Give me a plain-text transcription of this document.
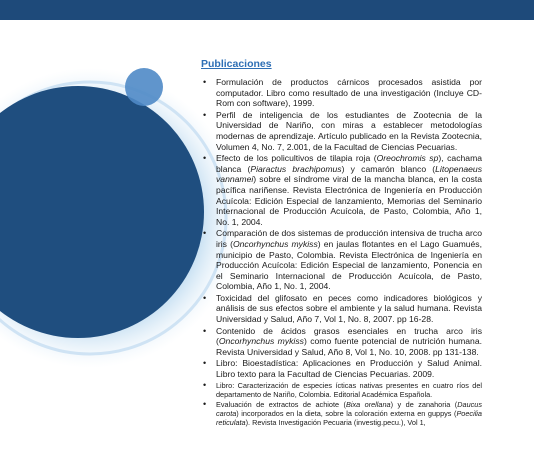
Publicaciones
• Formulación de productos cárnicos procesados asistida por computador. Libro como resultado de una investigación (Incluye CD-Rom con software), 1999.
• Perfil de inteligencia de los estudiantes de Zootecnia de la Universidad de Nariño, con miras a establecer metodologías modernas de aprendizaje. Artículo publicado en la Revista Zootecnia, Volumen 4, No. 7, 2.001, de la Facultad de Ciencias Pecuarias.
• Efecto de los policultivos de tilapia roja (Oreochromis sp), cachama blanca (Piaractus brachipomus) y camarón blanco (Litopenaeus vannamei) sobre el síndrome viral de la mancha blanca, en la costa pacífica nariñense. Revista Electrónica de Ingeniería en Producción Acuícola: Edición Especial de lanzamiento, Memorias del Seminario Internacional de Producción Acuícola, de Pasto, Colombia, Año 1, No. 1, 2004.
• Comparación de dos sistemas de producción intensiva de trucha arco iris (Oncorhynchus mykiss) en jaulas flotantes en el Lago Guamués, municipio de Pasto, Colombia. Revista Electrónica de Ingeniería en Producción Acuícola: Edición Especial de lanzamiento, Ponencia en el Seminario Internacional de Producción Acuícola, de Pasto, Colombia, Año 1, No. 1, 2004.
• Toxicidad del glifosato en peces como indicadores biológicos y análisis de sus efectos sobre el ambiente y la salud humana. Revista Universidad y Salud, Año 7, Vol 1, No. 8, 2007. pp 16-28.
• Contenido de ácidos grasos esenciales en trucha arco iris (Oncorhynchus mykiss) como fuente potencial de nutrición humana. Revista Universidad y Salud, Año 8, Vol 1, No. 10, 2008. pp 131-138.
• Libro: Bioestadística: Aplicaciones en Producción y Salud Animal. Libro texto para la Facultad de Ciencias Pecuarias. 2009.
• Libro: Caracterización de especies ícticas nativas presentes en cuatro ríos del departamento de Nariño, Colombia. Editorial Académica Española.
• Evaluación de extractos de achiote (Bixa orellana) y de zanahoria (Daucus carota) incorporados en la dieta, sobre la coloración externa en guppys (Poecilia reticulata). Revista Investigación Pecuaria (investig.pecu.), Vol 1,
